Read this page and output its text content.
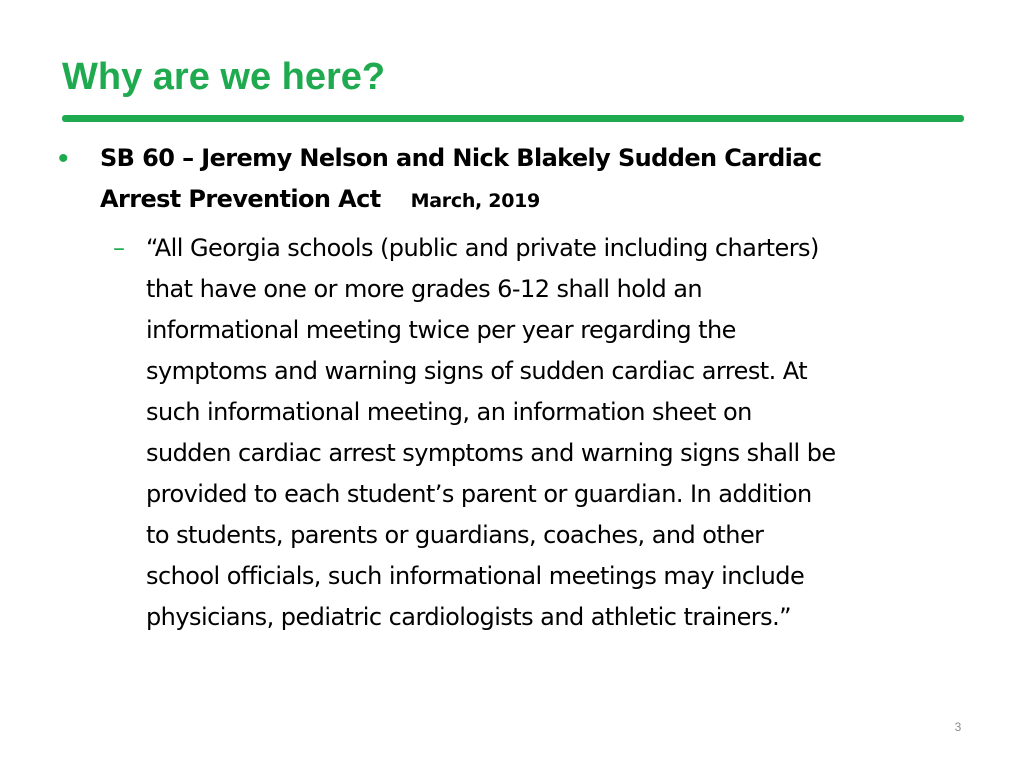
Why are we here?
•	SB 60 – Jeremy Nelson and Nick Blakely Sudden Cardiac
Arrest Prevention Act March, 2019
– “All Georgia schools (public and private including charters)
that have one or more grades 6-12 shall hold an
informational meeting twice per year regarding the
symptoms and warning signs of sudden cardiac arrest. At
such informational meeting, an information sheet on
sudden cardiac arrest symptoms and warning signs shall be
provided to each student’s parent or guardian. In addition
to students, parents or guardians, coaches, and other
school officials, such informational meetings may include
physicians, pediatric cardiologists and athletic trainers.”
3
